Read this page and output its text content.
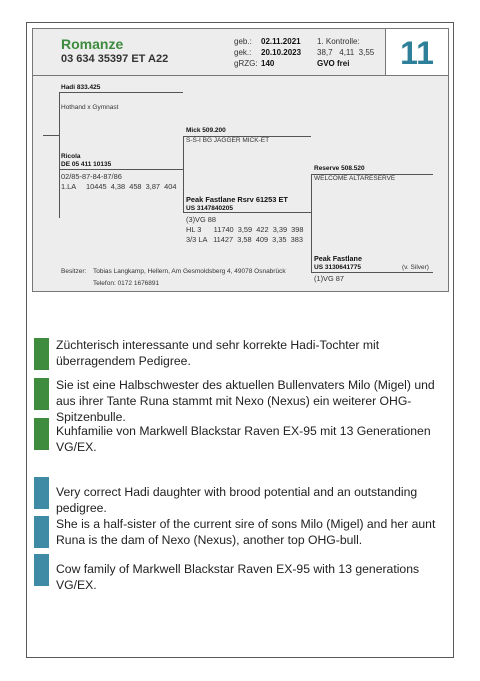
Romanze
03 634 35397 ET A22
geb.: 02.11.2021
gek.: 20.10.2023
gRZG: 140
1. Kontrolle:
38,7   4,11  3,55
GVO frei	11
Hadi 833.425
Hothand x Gymnast
Mick 509.200
S-S-I BG JAGGER MICK-ET
Ricola
DE 05 411 10135
02/85-87-84-87/86
1.LA     10445  4,38  458  3,87  404
Reserve 508.520
WELCOME ALTARESERVE
Peak Fastlane Rsrv 61253 ET
US 3147840205
(3)VG 88
HL 3      11740  3,59  422  3,39  398
3/3 LA   11427  3,58  409  3,35  383
Peak Fastlane
US 3130641775	(v. Silver)
(1)VG 87
Besitzer: Tobias Langkamp, Hellern, Am Gesmoldsberg 4, 49078 Osnabrück
Telefon: 0172 1676891
Züchterisch interessante und sehr korrekte Hadi-Tochter mit überragendem Pedigree.
Sie ist eine Halbschwester des aktuellen Bullenvaters Milo (Migel) und aus ihrer Tante Runa stammt mit Nexo (Nexus) ein weiterer OHG-Spitzenbulle.
Kuhfamilie von Markwell Blackstar Raven EX-95 mit 13 Generationen VG/EX.
Very correct Hadi daughter with brood potential and an outstanding pedigree.
She is a half-sister of the current sire of sons Milo (Migel) and her aunt Runa is the dam of Nexo (Nexus), another top OHG-bull.
Cow family of Markwell Blackstar Raven EX-95 with 13 generations VG/EX.
